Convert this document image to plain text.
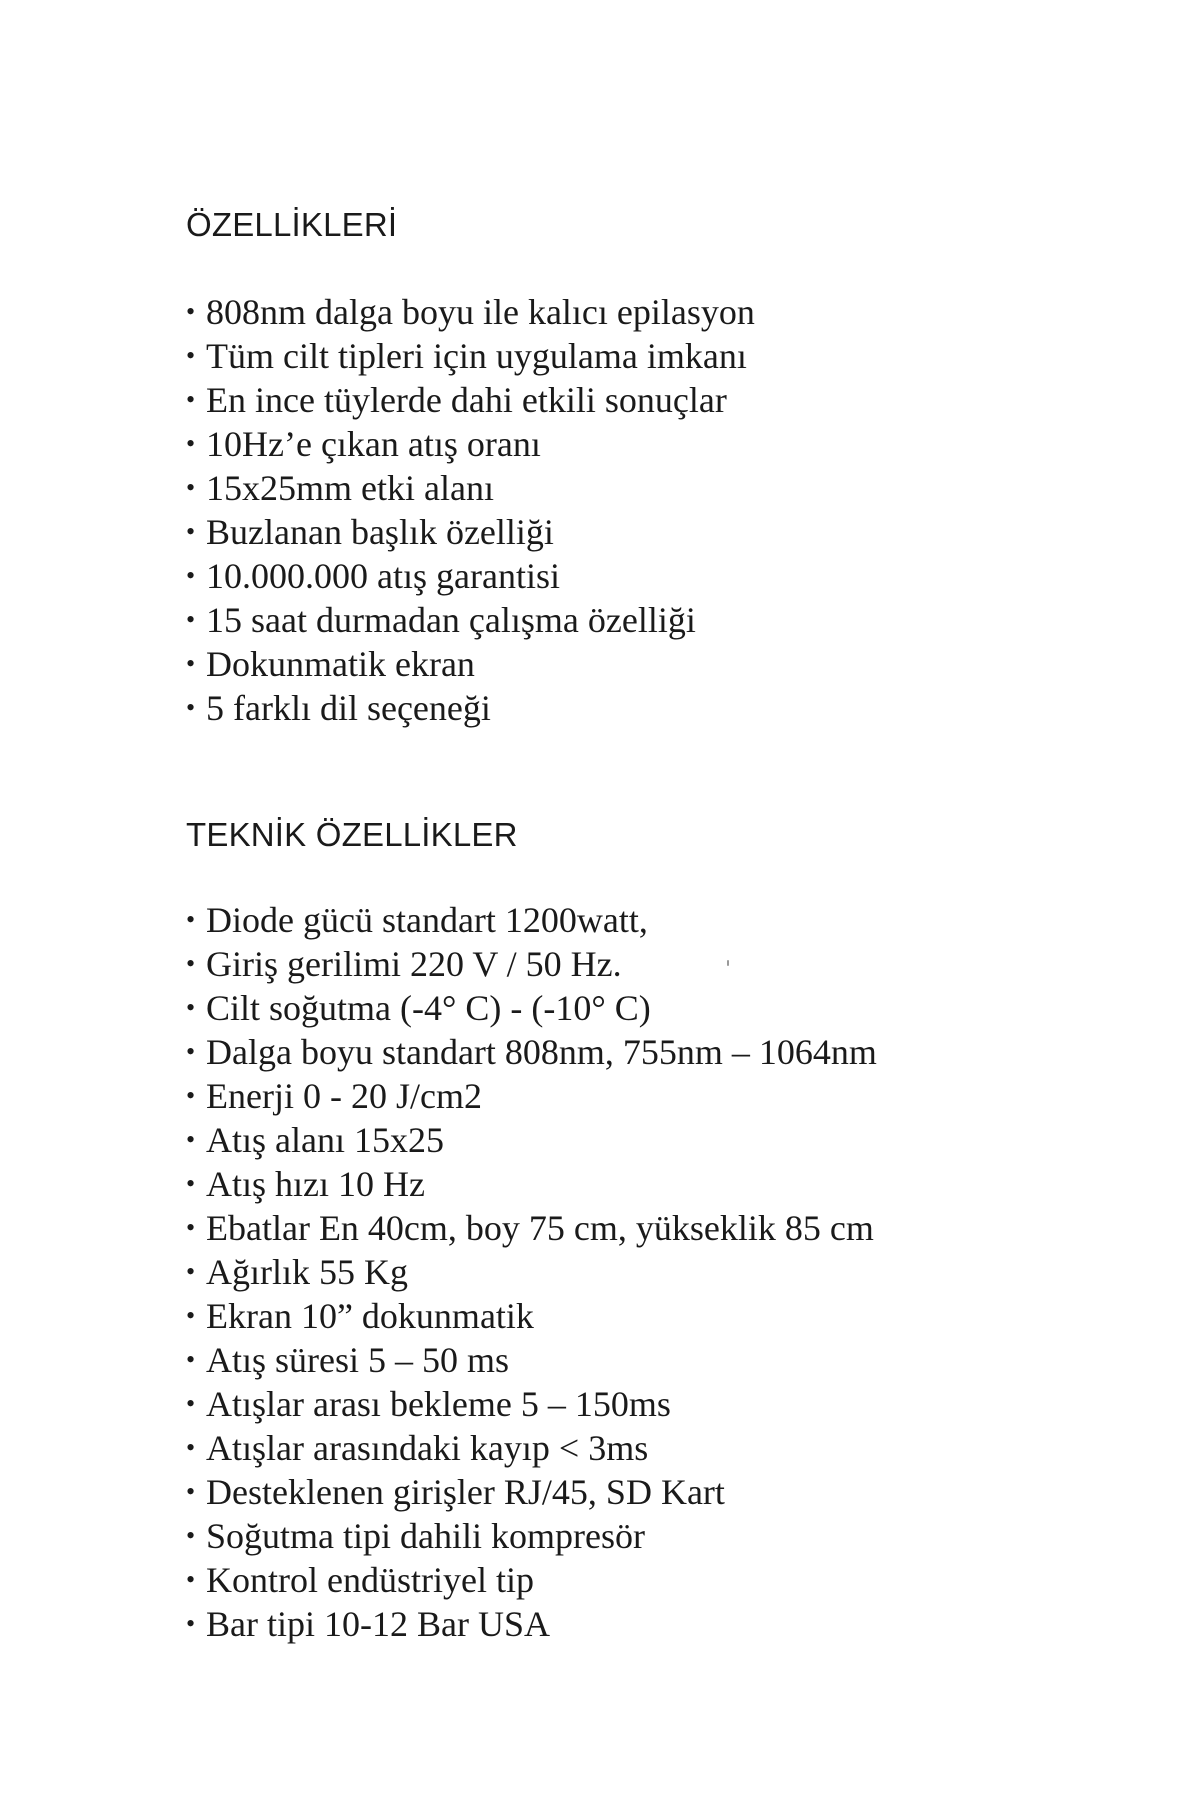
ÖZELLİKLERİ
• 808nm dalga boyu ile kalıcı epilasyon
• Tüm cilt tipleri için uygulama imkanı
• En ince tüylerde dahi etkili sonuçlar
• 10Hz’e çıkan atış oranı
• 15x25mm etki alanı
• Buzlanan başlık özelliği
• 10.000.000 atış garantisi
• 15 saat durmadan çalışma özelliği
• Dokunmatik ekran
• 5 farklı dil seçeneği
TEKNİK ÖZELLİKLER
• Diode gücü standart 1200watt,
• Giriş gerilimi 220 V / 50 Hz.
• Cilt soğutma (-4° C) - (-10° C)
• Dalga boyu standart 808nm, 755nm – 1064nm
• Enerji 0 - 20 J/cm2
• Atış alanı 15x25
• Atış hızı 10 Hz
• Ebatlar En 40cm, boy 75 cm, yükseklik 85 cm
• Ağırlık 55 Kg
• Ekran 10” dokunmatik
• Atış süresi 5 – 50 ms
• Atışlar arası bekleme 5 – 150ms
• Atışlar arasındaki kayıp < 3ms
• Desteklenen girişler RJ/45, SD Kart
• Soğutma tipi dahili kompresör
• Kontrol endüstriyel tip
• Bar tipi 10-12 Bar USA
